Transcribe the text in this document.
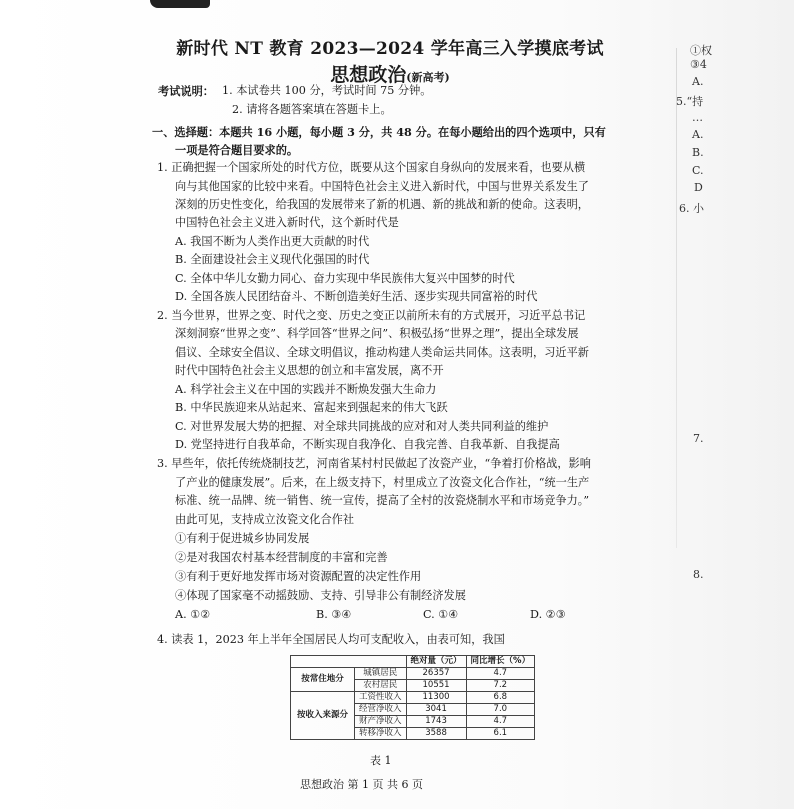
新时代 NT 教育 2023—2024 学年高三入学摸底考试
思想政治(新高考)
考试说明： 1. 本试卷共 100 分，考试时间 75 分钟。
2. 请将各题答案填在答题卡上。
一、选择题：本题共 16 小题，每小题 3 分，共 48 分。在每小题给出的四个选项中，只有
一项是符合题目要求的。
1. 正确把握一个国家所处的时代方位，既要从这个国家自身纵向的发展来看，也要从横
向与其他国家的比较中来看。中国特色社会主义进入新时代，中国与世界关系发生了
深刻的历史性变化，给我国的发展带来了新的机遇、新的挑战和新的使命。这表明，
中国特色社会主义进入新时代，这个新时代是
A. 我国不断为人类作出更大贡献的时代
B. 全面建设社会主义现代化强国的时代
C. 全体中华儿女勤力同心、奋力实现中华民族伟大复兴中国梦的时代
D. 全国各族人民团结奋斗、不断创造美好生活、逐步实现共同富裕的时代
2. 当今世界，世界之变、时代之变、历史之变正以前所未有的方式展开，习近平总书记
深刻洞察“世界之变”、科学回答“世界之问”、积极弘扬“世界之理”，提出全球发展
倡议、全球安全倡议、全球文明倡议，推动构建人类命运共同体。这表明，习近平新
时代中国特色社会主义思想的创立和丰富发展，离不开
A. 科学社会主义在中国的实践并不断焕发强大生命力
B. 中华民族迎来从站起来、富起来到强起来的伟大飞跃
C. 对世界发展大势的把握、对全球共同挑战的应对和对人类共同利益的维护
D. 党坚持进行自我革命，不断实现自我净化、自我完善、自我革新、自我提高
3. 早些年，依托传统烧制技艺，河南省某村村民做起了汝瓷产业，“争着打价格战，影响
了产业的健康发展”。后来，在上级支持下，村里成立了汝瓷文化合作社，“统一生产
标准、统一品牌、统一销售、统一宣传，提高了全村的汝瓷烧制水平和市场竞争力。”
由此可见，支持成立汝瓷文化合作社
①有利于促进城乡协同发展
②是对我国农村基本经营制度的丰富和完善
③有利于更好地发挥市场对资源配置的决定性作用
④体现了国家毫不动摇鼓励、支持、引导非公有制经济发展
A. ①②	B. ③④	C. ①④	D. ②③
4. 读表 1，2023 年上半年全国居民人均可支配收入，由表可知，我国
		绝对量（元）	同比增长（%）
按常住地分	城镇居民	26357	4.7
	农村居民	10551	7.2
按收入来源分	工资性收入	11300	6.8
	经营净收入	3041	7.0
	财产净收入	1743	4.7
	转移净收入	3588	6.1
表 1
思想政治 第 1 页 共 6 页
①权
③4
A.
5.“持
…
A.
B.
C.
D
6. 小
7.
8.
